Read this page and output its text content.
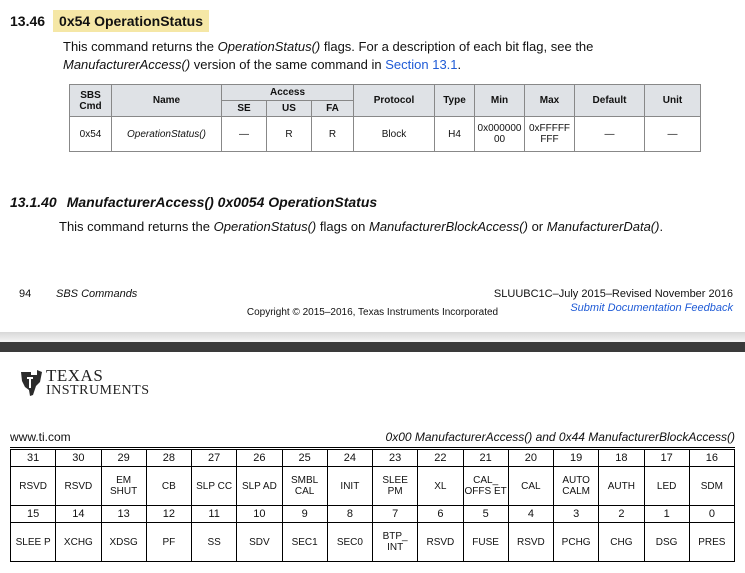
13.46	0x54 OperationStatus
This command returns the OperationStatus() flags. For a description of each bit flag, see the
ManufacturerAccess() version of the same command in Section 13.1.
SBS Cmd	Name	Access			Protocol	Type	Min	Max	Default	Unit
		SE	US	FA						
0x54	OperationStatus()	—	R	R	Block	H4	0x00000000	0xFFFFFFFF	—	—
13.1.40 ManufacturerAccess() 0x0054 OperationStatus
This command returns the OperationStatus() flags on ManufacturerBlockAccess() or ManufacturerData().
94 SBS Commands	SLUUBC1C–July 2015–Revised November 2016
Submit Documentation Feedback
Copyright © 2015–2016, Texas Instruments Incorporated
TEXAS
INSTRUMENTS
www.ti.com	0x00 ManufacturerAccess() and 0x44 ManufacturerBlockAccess()
31	30	29	28	27	26	25	24	23	22	21	20	19	18	17	16
RSVD	RSVD	EM SHUT	CB	SLP CC	SLP AD	SMBL CAL	INIT	SLEE PM	XL	CAL_ OFFS ET	CAL	AUTO CALM	AUTH	LED	SDM
15	14	13	12	11	10	9	8	7	6	5	4	3	2	1	0
SLEE P	XCHG	XDSG	PF	SS	SDV	SEC1	SEC0	BTP_ INT	RSVD	FUSE	RSVD	PCHG	CHG	DSG	PRES
